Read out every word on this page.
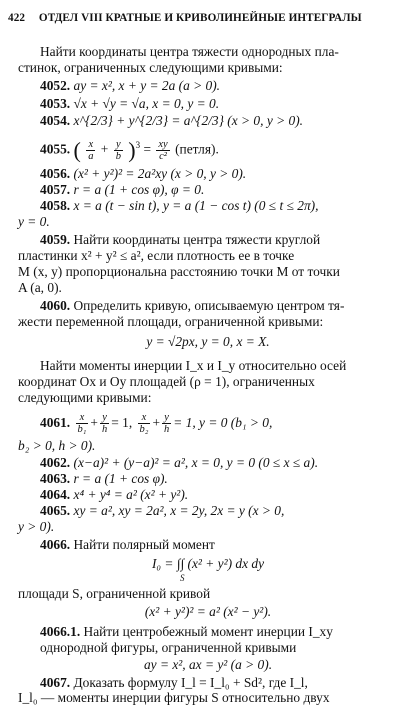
422 ОТДЕЛ VIII КРАТНЫЕ И КРИВОЛИНЕЙНЫЕ ИНТЕГРАЛЫ
Найти координаты центра тяжести однородных пла-
стинок, ограниченных следующими кривыми:
4052. ay = x², x + y = 2a (a > 0).
4053. √x + √y = √a, x = 0, y = 0.
4054. x^{2/3} + y^{2/3} = a^{2/3} (x > 0, y > 0).
4055. ( $\frac{x}{a} + \frac{y}{b} )^3 = \frac{xy}{\text{c²}}$ (петля).
4056. (x² + y²)² = 2a²xy (x > 0, y > 0).
4057. r = a (1 + cos φ), φ = 0.
4058. x = a (t − sin t), y = a (1 − cos t) (0 ≤ t ≤ 2π),
y = 0.
4059. Найти координаты центра тяжести круглой
пластинки x² + y² ≤ a², если плотность ее в точке
M (x, y) пропорциональна расстоянию точки M от точки
A (a, 0).
4060. Определить кривую, описываемую центром тя-
жести переменной площади, ограниченной кривыми:
y = √2px, y = 0, x = X.
Найти моменты инерции I_x и I_y относительно осей
координат Ox и Oy площадей (ρ = 1), ограниченных
следующими кривыми:
4061. $\frac{x}{\text{b₁}} + \frac{y}{h} = 1$, $\frac{x}{\text{b₂}} + \frac{y}{h} = 1$, y = 0 (b₁ > 0,
b₂ > 0, h > 0).
4062. (x−a)² + (y−a)² = a², x = 0, y = 0 (0 ≤ x ≤ a).
4063. r = a (1 + cos φ).
4064. x⁴ + y⁴ = a² (x² + y²).
4065. xy = a², xy = 2a², x = 2y, 2x = y (x > 0,
y > 0).
4066. Найти полярный момент
I₀ = ∫∫ (x² + y²) dx dy
S
площади S, ограниченной кривой
(x² + y²)² = a² (x² − y²).
4066.1. Найти центробежный момент инерции I_xy
однородной фигуры, ограниченной кривыми
ay = x², ax = y² (a > 0).
4067. Доказать формулу I_l = I_l₀ + Sd², где I_l,
I_l₀ — моменты инерции фигуры S относительно двух
